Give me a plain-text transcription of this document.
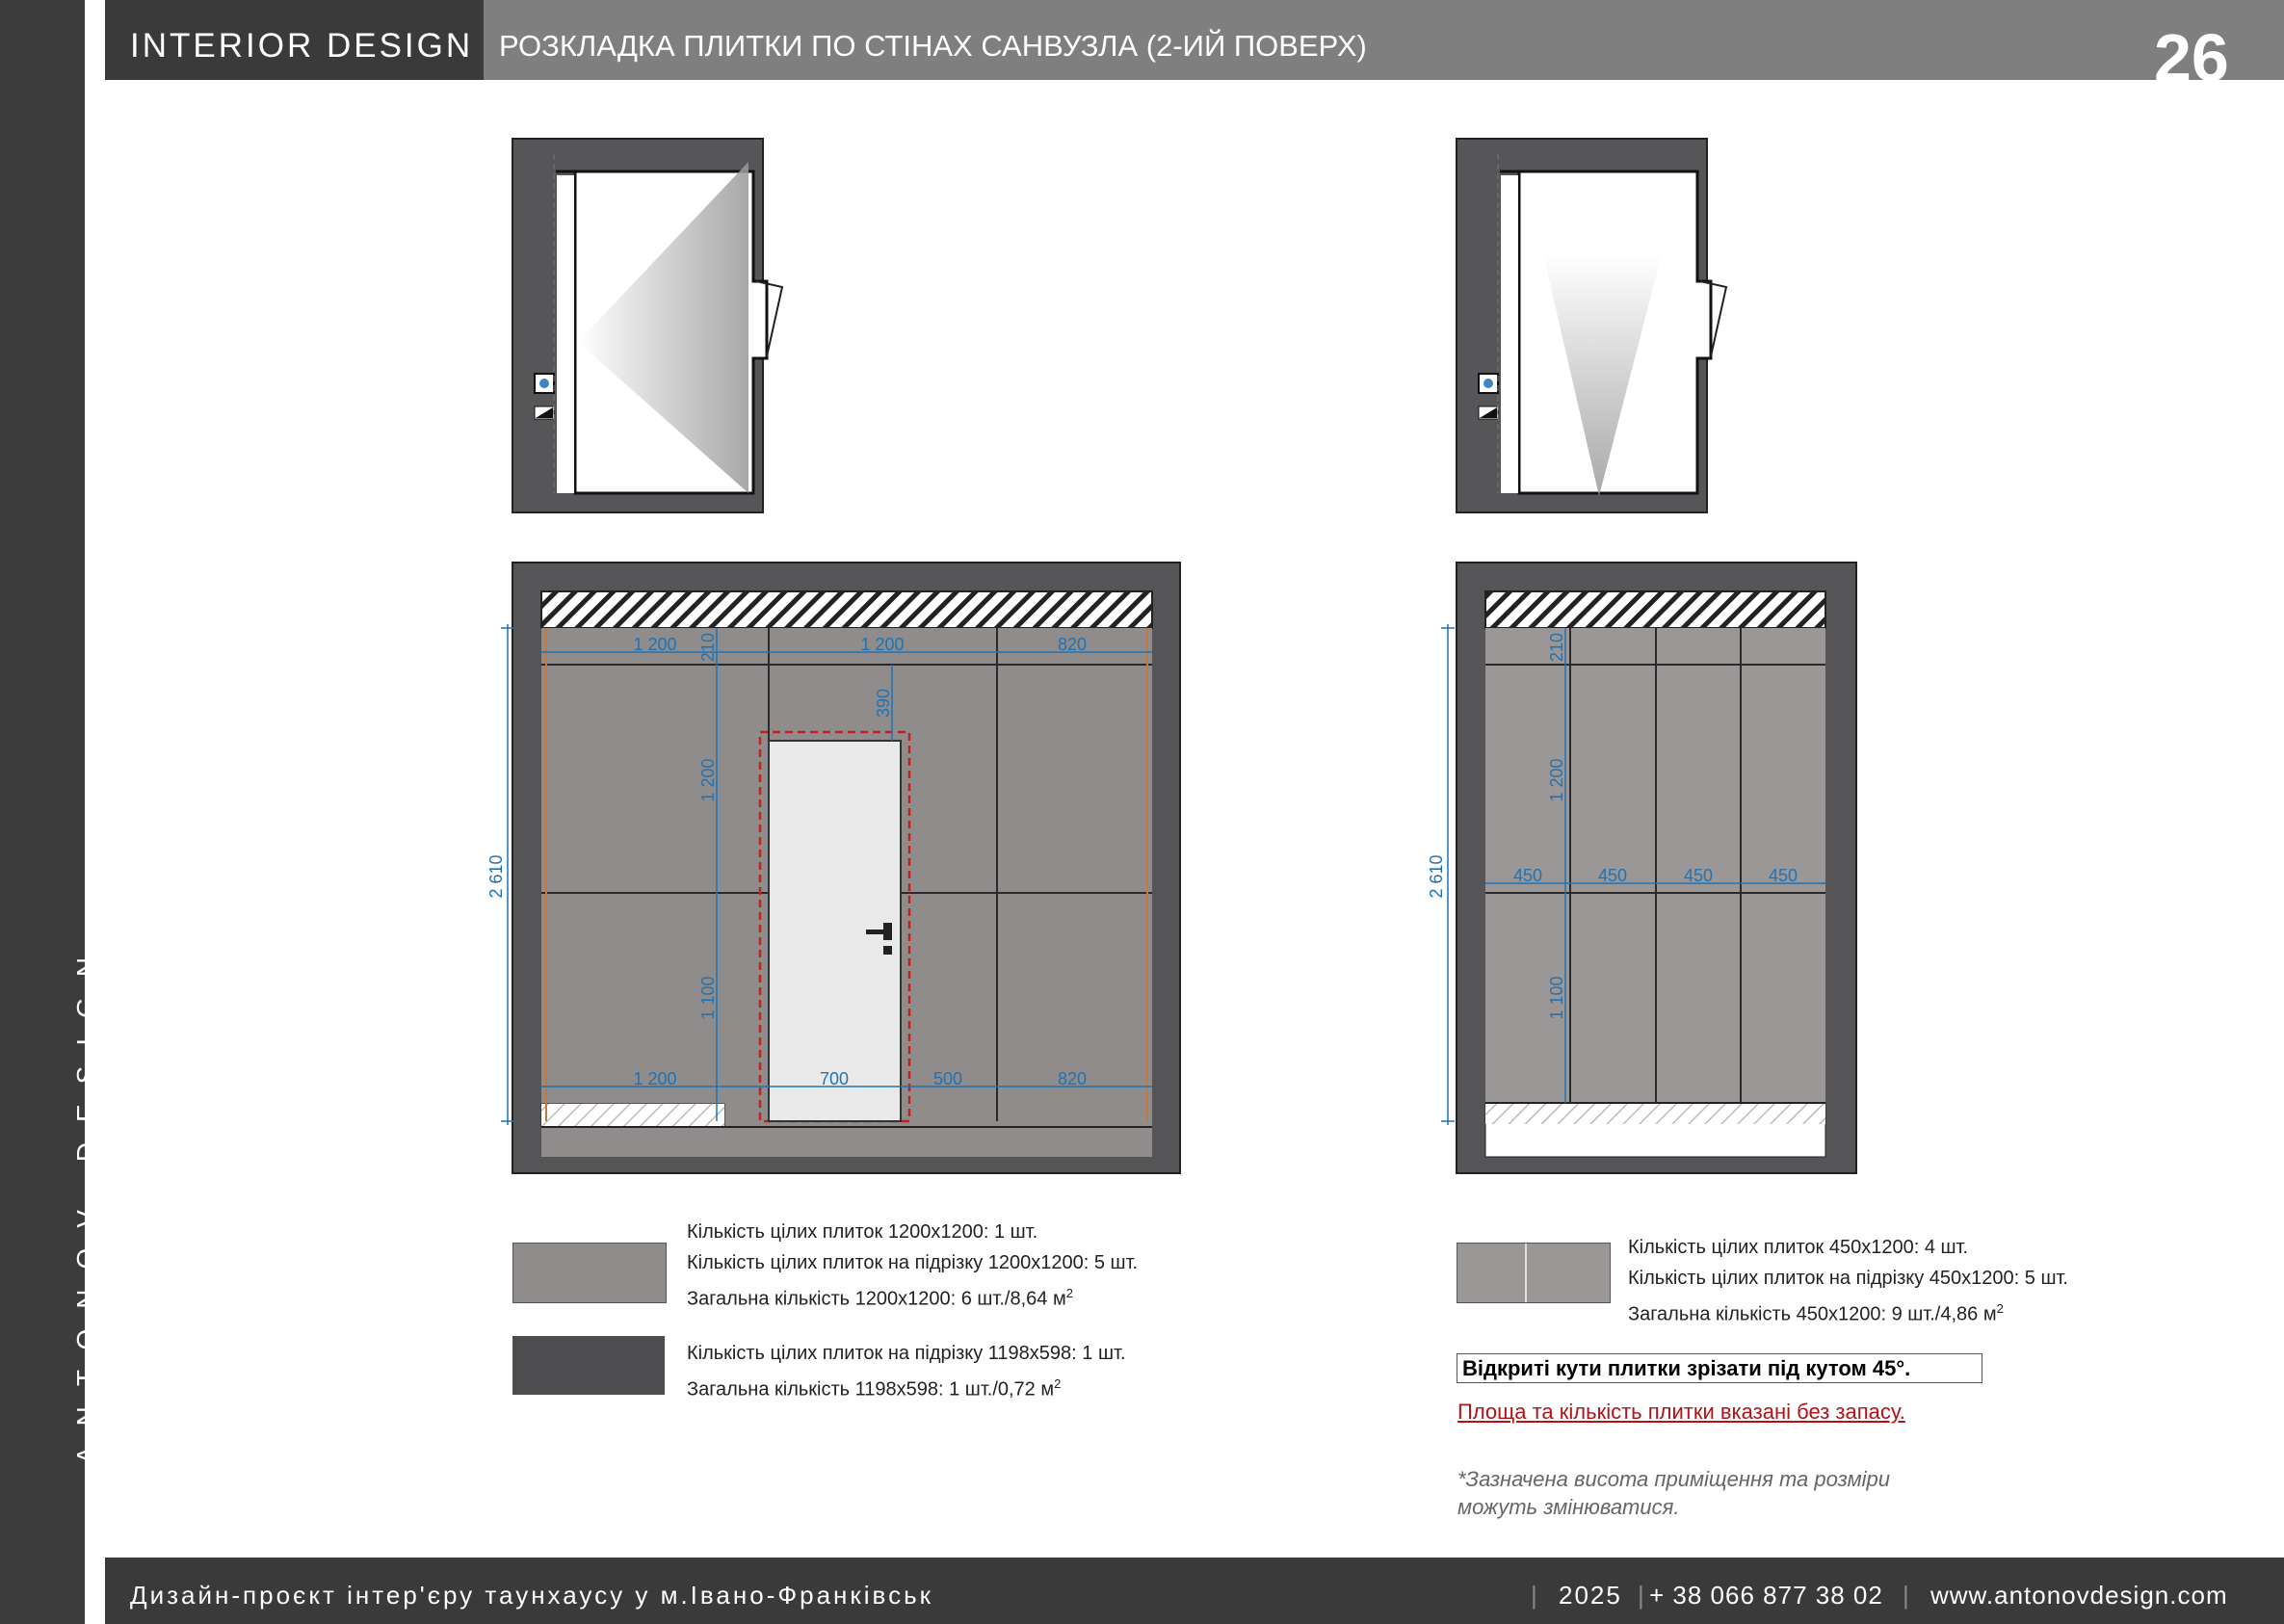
ANTONOV DESIGN
INTERIOR DESIGN РОЗКЛАДКА ПЛИТКИ ПО СТІНАХ САНВУЗЛА (2-ИЙ ПОВЕРХ)	26
2 610
1 200	1 200	820
1 200	700	500	820
210
1 200
1 100
390
2 610	450	450	450	450
210
1 200
1 100
Кількість цілих плиток 1200х1200: 1 шт.
Кількість цілих плиток на підрізку 1200х1200: 5 шт.
Загальна кількість 1200х1200: 6 шт./8,64 $м^2$
Кількість цілих плиток на підрізку 1198х598: 1 шт.
Загальна кількість 1198х598: 1 шт./0,72 $м^2$
Кількість цілих плиток 450х1200: 4 шт.
Кількість цілих плиток на підрізку 450х1200: 5 шт.
Загальна кількість 450х1200: 9 шт./4,86 $м^2$
Відкриті кути плитки зрізати під кутом 45°.
Площа та кількість плитки вказані без запасу.
*Зазначена висота приміщення та розміри
можуть змінюватися.
Дизайн-проєкт інтер'єру таунхаусу у м.Івано-Франківськ	| 2025 | + 38 066 877 38 02 | www.antonovdesign.com
